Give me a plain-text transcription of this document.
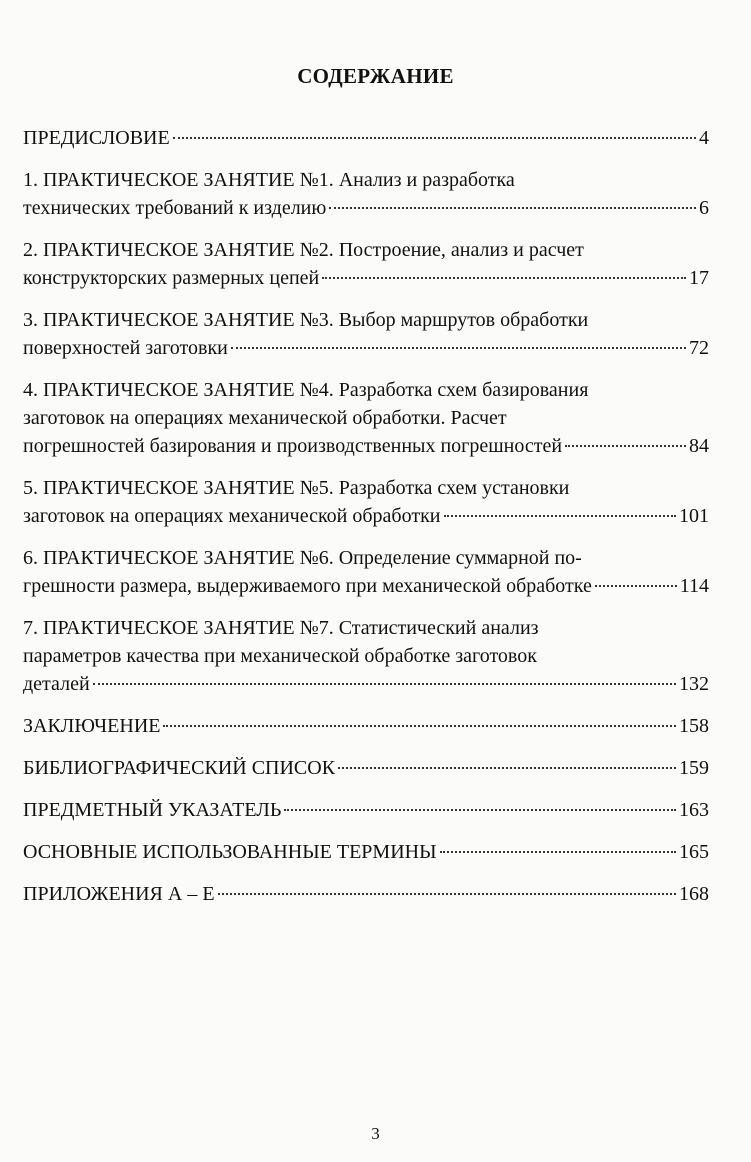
СОДЕРЖАНИЕ
ПРЕДИСЛОВИЕ	4
1. ПРАКТИЧЕСКОЕ ЗАНЯТИЕ №1. Анализ и разработка
технических требований к изделию	6
2. ПРАКТИЧЕСКОЕ ЗАНЯТИЕ №2. Построение, анализ и расчет
конструкторских размерных цепей	17
3. ПРАКТИЧЕСКОЕ ЗАНЯТИЕ №3. Выбор маршрутов обработки
поверхностей заготовки	72
4. ПРАКТИЧЕСКОЕ ЗАНЯТИЕ №4. Разработка схем базирования
заготовок на операциях механической обработки. Расчет
погрешностей базирования и производственных погрешностей	84
5. ПРАКТИЧЕСКОЕ ЗАНЯТИЕ №5. Разработка схем установки
заготовок на операциях механической обработки	101
6. ПРАКТИЧЕСКОЕ ЗАНЯТИЕ №6. Определение суммарной по-
грешности размера, выдерживаемого при механической обработке	114
7. ПРАКТИЧЕСКОЕ ЗАНЯТИЕ №7. Статистический анализ
параметров качества при механической обработке заготовок
деталей	132
ЗАКЛЮЧЕНИЕ	158
БИБЛИОГРАФИЧЕСКИЙ СПИСОК	159
ПРЕДМЕТНЫЙ УКАЗАТЕЛЬ	163
ОСНОВНЫЕ ИСПОЛЬЗОВАННЫЕ ТЕРМИНЫ	165
ПРИЛОЖЕНИЯ А – Е	168
3
